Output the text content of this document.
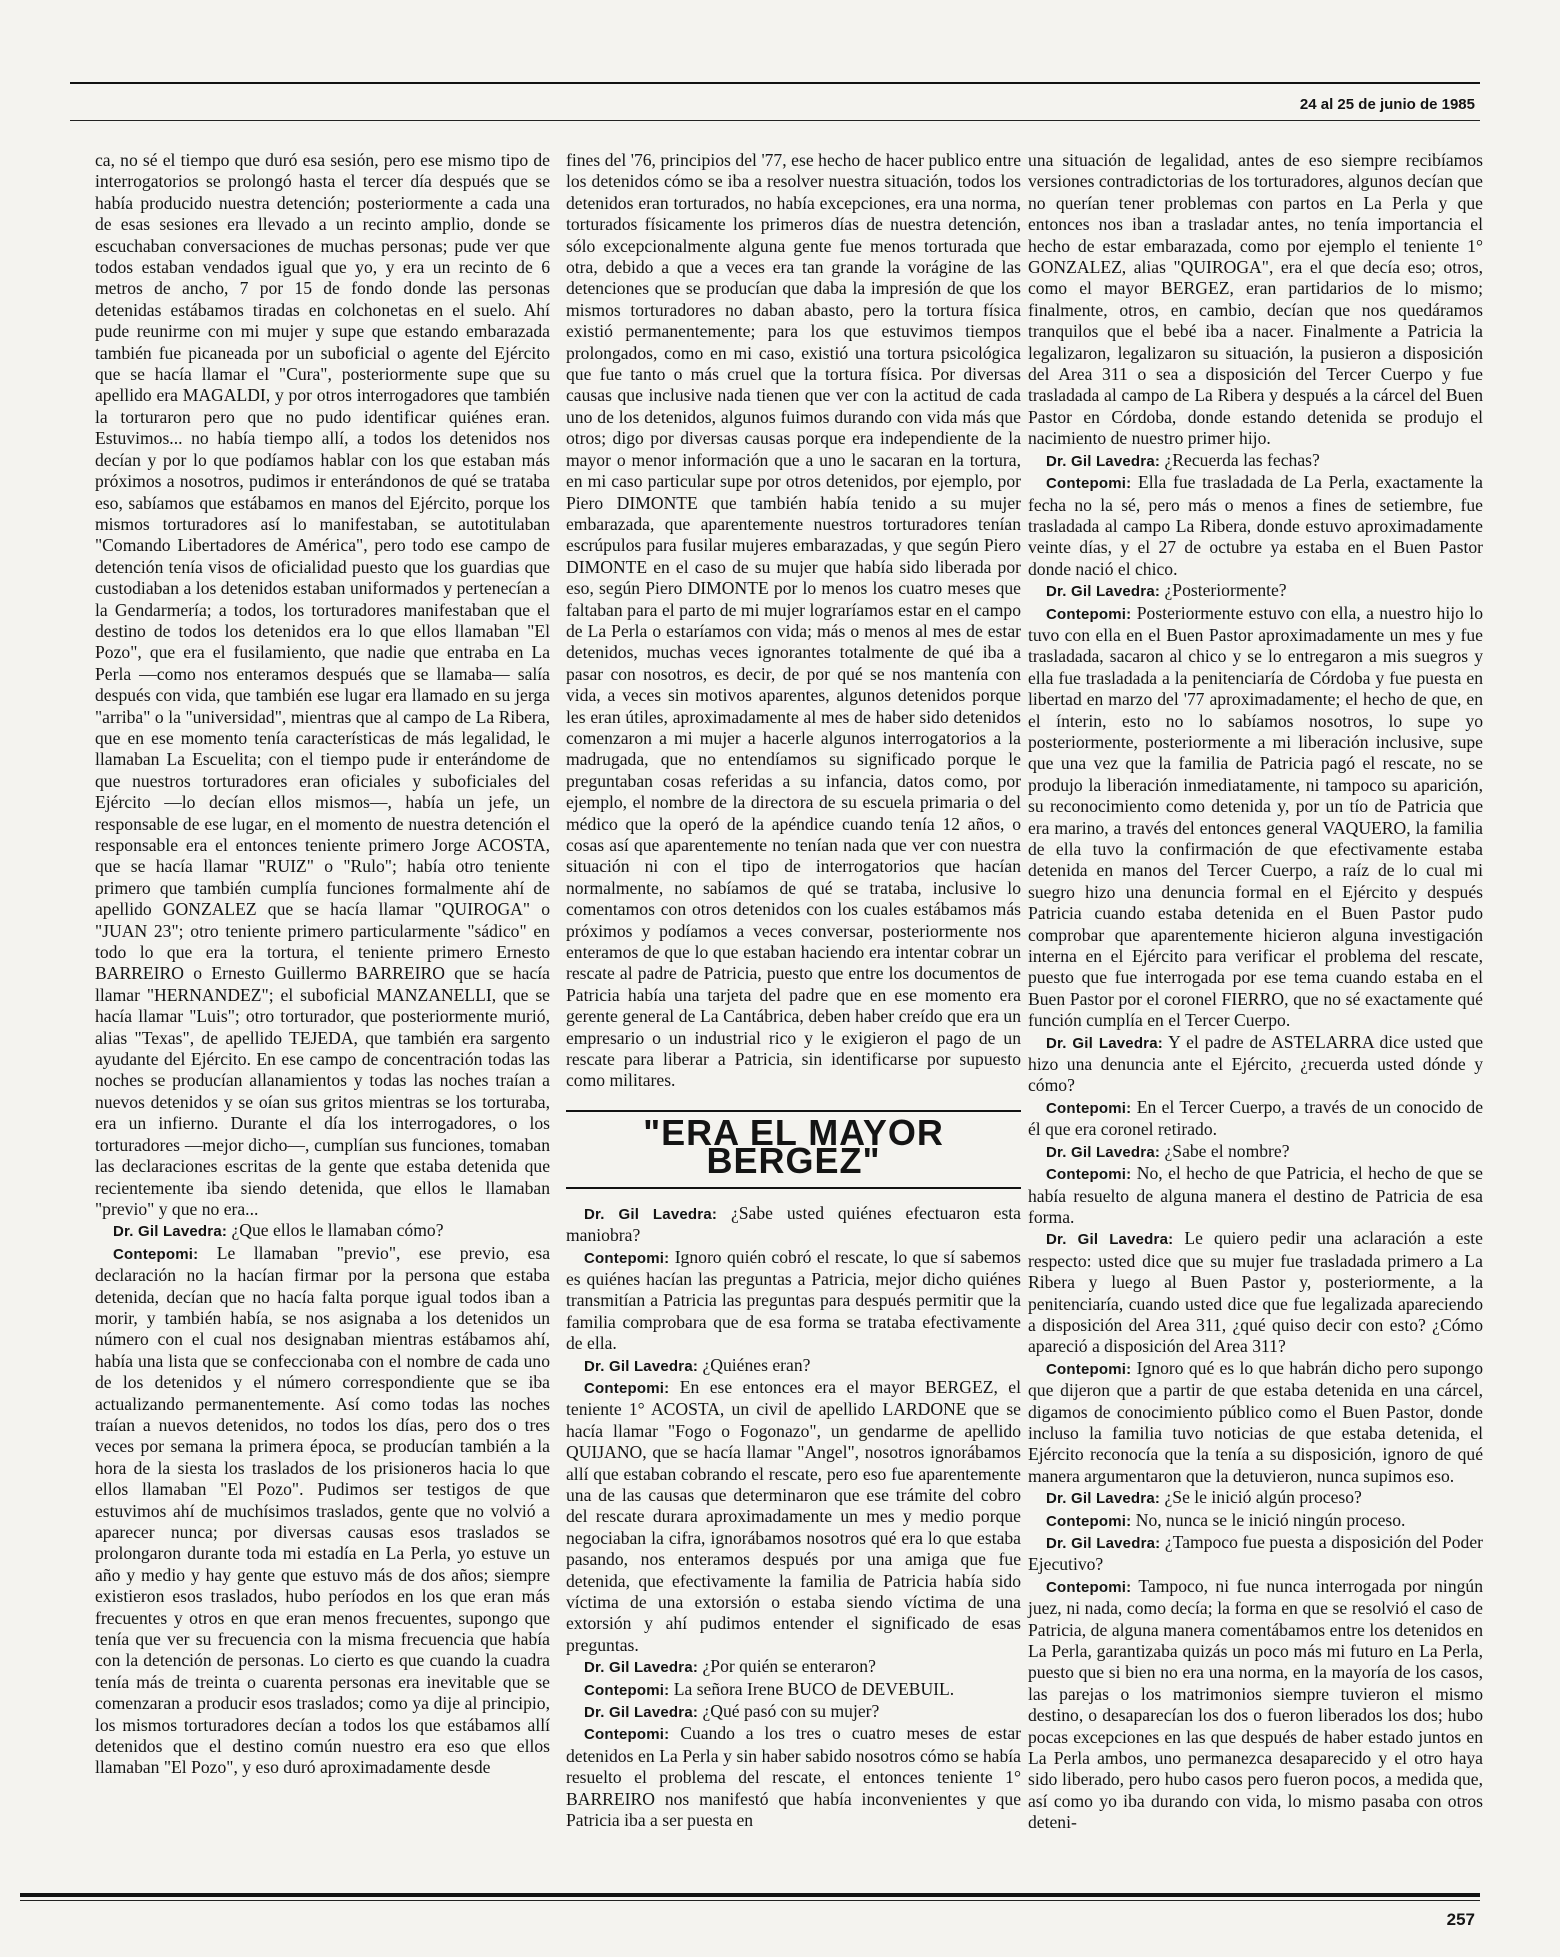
24 al 25 de junio de 1985

ca, no sé el tiempo que duró esa sesión, pero ese mismo tipo de interrogatorios se prolongó hasta el tercer día después que se había producido nuestra detención; posteriormente a cada una de esas sesiones era llevado a un recinto amplio, donde se escuchaban conversaciones de muchas personas; pude ver que todos estaban vendados igual que yo, y era un recinto de 6 metros de ancho, 7 por 15 de fondo donde las personas detenidas estábamos tiradas en colchonetas en el suelo. Ahí pude reunirme con mi mujer y supe que estando embarazada también fue picaneada por un suboficial o agente del Ejército que se hacía llamar el "Cura", posteriormente supe que su apellido era MAGALDI, y por otros interrogadores que también la torturaron pero que no pudo identificar quiénes eran. Estuvimos... no había tiempo allí, a todos los detenidos nos decían y por lo que podíamos hablar con los que estaban más próximos a nosotros, pudimos ir enterándonos de qué se trataba eso, sabíamos que estábamos en manos del Ejército, porque los mismos torturadores así lo manifestaban, se autotitulaban "Comando Libertadores de América", pero todo ese campo de detención tenía visos de oficialidad puesto que los guardias que custodiaban a los detenidos estaban uniformados y pertenecían a la Gendarmería; a todos, los torturadores manifestaban que el destino de todos los detenidos era lo que ellos llamaban "El Pozo", que era el fusilamiento, que nadie que entraba en La Perla —como nos enteramos después que se llamaba— salía después con vida, que también ese lugar era llamado en su jerga "arriba" o la "universidad", mientras que al campo de La Ribera, que en ese momento tenía características de más legalidad, le llamaban La Escuelita; con el tiempo pude ir enterándome de que nuestros torturadores eran oficiales y suboficiales del Ejército —lo decían ellos mismos—, había un jefe, un responsable de ese lugar, en el momento de nuestra detención el responsable era el entonces teniente primero Jorge ACOSTA, que se hacía llamar "RUIZ" o "Rulo"; había otro teniente primero que también cumplía funciones formalmente ahí de apellido GONZALEZ que se hacía llamar "QUIROGA" o "JUAN 23"; otro teniente primero particularmente "sádico" en todo lo que era la tortura, el teniente primero Ernesto BARREIRO o Ernesto Guillermo BARREIRO que se hacía llamar "HERNANDEZ"; el suboficial MANZANELLI, que se hacía llamar "Luis"; otro torturador, que posteriormente murió, alias "Texas", de apellido TEJEDA, que también era sargento ayudante del Ejército. En ese campo de concentración todas las noches se producían allanamientos y todas las noches traían a nuevos detenidos y se oían sus gritos mientras se los torturaba, era un infierno. Durante el día los interrogadores, o los torturadores —mejor dicho—, cumplían sus funciones, tomaban las declaraciones escritas de la gente que estaba detenida que recientemente iba siendo detenida, que ellos le llamaban "previo" y que no era...

Dr. Gil Lavedra: ¿Que ellos le llamaban cómo?

Contepomi: Le llamaban "previo", ese previo, esa declaración no la hacían firmar por la persona que estaba detenida, decían que no hacía falta porque igual todos iban a morir, y también había, se nos asignaba a los detenidos un número con el cual nos designaban mientras estábamos ahí, había una lista que se confeccionaba con el nombre de cada uno de los detenidos y el número correspondiente que se iba actualizando permanentemente. Así como todas las noches traían a nuevos detenidos, no todos los días, pero dos o tres veces por semana la primera época, se producían también a la hora de la siesta los traslados de los prisioneros hacia lo que ellos llamaban "El Pozo". Pudimos ser testigos de que estuvimos ahí de muchísimos traslados, gente que no volvió a aparecer nunca; por diversas causas esos traslados se prolongaron durante toda mi estadía en La Perla, yo estuve un año y medio y hay gente que estuvo más de dos años; siempre existieron esos traslados, hubo períodos en los que eran más frecuentes y otros en que eran menos frecuentes, supongo que tenía que ver su frecuencia con la misma frecuencia que había con la detención de personas. Lo cierto es que cuando la cuadra tenía más de treinta o cuarenta personas era inevitable que se comenzaran a producir esos traslados; como ya dije al principio, los mismos torturadores decían a todos los que estábamos allí detenidos que el destino común nuestro era eso que ellos llamaban "El Pozo", y eso duró aproximadamente desde

fines del '76, principios del '77, ese hecho de hacer publico entre los detenidos cómo se iba a resolver nuestra situación, todos los detenidos eran torturados, no había excepciones, era una norma, torturados físicamente los primeros días de nuestra detención, sólo excepcionalmente alguna gente fue menos torturada que otra, debido a que a veces era tan grande la vorágine de las detenciones que se producían que daba la impresión de que los mismos torturadores no daban abasto, pero la tortura física existió permanentemente; para los que estuvimos tiempos prolongados, como en mi caso, existió una tortura psicológica que fue tanto o más cruel que la tortura física. Por diversas causas que inclusive nada tienen que ver con la actitud de cada uno de los detenidos, algunos fuimos durando con vida más que otros; digo por diversas causas porque era independiente de la mayor o menor información que a uno le sacaran en la tortura, en mi caso particular supe por otros detenidos, por ejemplo, por Piero DIMONTE que también había tenido a su mujer embarazada, que aparentemente nuestros torturadores tenían escrúpulos para fusilar mujeres embarazadas, y que según Piero DIMONTE en el caso de su mujer que había sido liberada por eso, según Piero DIMONTE por lo menos los cuatro meses que faltaban para el parto de mi mujer lograríamos estar en el campo de La Perla o estaríamos con vida; más o menos al mes de estar detenidos, muchas veces ignorantes totalmente de qué iba a pasar con nosotros, es decir, de por qué se nos mantenía con vida, a veces sin motivos aparentes, algunos detenidos porque les eran útiles, aproximadamente al mes de haber sido detenidos comenzaron a mi mujer a hacerle algunos interrogatorios a la madrugada, que no entendíamos su significado porque le preguntaban cosas referidas a su infancia, datos como, por ejemplo, el nombre de la directora de su escuela primaria o del médico que la operó de la apéndice cuando tenía 12 años, o cosas así que aparentemente no tenían nada que ver con nuestra situación ni con el tipo de interrogatorios que hacían normalmente, no sabíamos de qué se trataba, inclusive lo comentamos con otros detenidos con los cuales estábamos más próximos y podíamos a veces conversar, posteriormente nos enteramos de que lo que estaban haciendo era intentar cobrar un rescate al padre de Patricia, puesto que entre los documentos de Patricia había una tarjeta del padre que en ese momento era gerente general de La Cantábrica, deben haber creído que era un empresario o un industrial rico y le exigieron el pago de un rescate para liberar a Patricia, sin identificarse por supuesto como militares.

"ERA EL MAYOR BERGEZ"

Dr. Gil Lavedra: ¿Sabe usted quiénes efectuaron esta maniobra?

Contepomi: Ignoro quién cobró el rescate, lo que sí sabemos es quiénes hacían las preguntas a Patricia, mejor dicho quiénes transmitían a Patricia las preguntas para después permitir que la familia comprobara que de esa forma se trataba efectivamente de ella.

Dr. Gil Lavedra: ¿Quiénes eran?

Contepomi: En ese entonces era el mayor BERGEZ, el teniente 1° ACOSTA, un civil de apellido LARDONE que se hacía llamar "Fogo o Fogonazo", un gendarme de apellido QUIJANO, que se hacía llamar "Angel", nosotros ignorábamos allí que estaban cobrando el rescate, pero eso fue aparentemente una de las causas que determinaron que ese trámite del cobro del rescate durara aproximadamente un mes y medio porque negociaban la cifra, ignorábamos nosotros qué era lo que estaba pasando, nos enteramos después por una amiga que fue detenida, que efectivamente la familia de Patricia había sido víctima de una extorsión o estaba siendo víctima de una extorsión y ahí pudimos entender el significado de esas preguntas.

Dr. Gil Lavedra: ¿Por quién se enteraron?

Contepomi: La señora Irene BUCO de DEVEBUIL.

Dr. Gil Lavedra: ¿Qué pasó con su mujer?

Contepomi: Cuando a los tres o cuatro meses de estar detenidos en La Perla y sin haber sabido nosotros cómo se había resuelto el problema del rescate, el entonces teniente 1° BARREIRO nos manifestó que había inconvenientes y que Patricia iba a ser puesta en

una situación de legalidad, antes de eso siempre recibíamos versiones contradictorias de los torturadores, algunos decían que no querían tener problemas con partos en La Perla y que entonces nos iban a trasladar antes, no tenía importancia el hecho de estar embarazada, como por ejemplo el teniente 1° GONZALEZ, alias "QUIROGA", era el que decía eso; otros, como el mayor BERGEZ, eran partidarios de lo mismo; finalmente, otros, en cambio, decían que nos quedáramos tranquilos que el bebé iba a nacer. Finalmente a Patricia la legalizaron, legalizaron su situación, la pusieron a disposición del Area 311 o sea a disposición del Tercer Cuerpo y fue trasladada al campo de La Ribera y después a la cárcel del Buen Pastor en Córdoba, donde estando detenida se produjo el nacimiento de nuestro primer hijo.

Dr. Gil Lavedra: ¿Recuerda las fechas?

Contepomi: Ella fue trasladada de La Perla, exactamente la fecha no la sé, pero más o menos a fines de setiembre, fue trasladada al campo La Ribera, donde estuvo aproximadamente veinte días, y el 27 de octubre ya estaba en el Buen Pastor donde nació el chico.

Dr. Gil Lavedra: ¿Posteriormente?

Contepomi: Posteriormente estuvo con ella, a nuestro hijo lo tuvo con ella en el Buen Pastor aproximadamente un mes y fue trasladada, sacaron al chico y se lo entregaron a mis suegros y ella fue trasladada a la penitenciaría de Córdoba y fue puesta en libertad en marzo del '77 aproximadamente; el hecho de que, en el ínterin, esto no lo sabíamos nosotros, lo supe yo posteriormente, posteriormente a mi liberación inclusive, supe que una vez que la familia de Patricia pagó el rescate, no se produjo la liberación inmediatamente, ni tampoco su aparición, su reconocimiento como detenida y, por un tío de Patricia que era marino, a través del entonces general VAQUERO, la familia de ella tuvo la confirmación de que efectivamente estaba detenida en manos del Tercer Cuerpo, a raíz de lo cual mi suegro hizo una denuncia formal en el Ejército y después Patricia cuando estaba detenida en el Buen Pastor pudo comprobar que aparentemente hicieron alguna investigación interna en el Ejército para verificar el problema del rescate, puesto que fue interrogada por ese tema cuando estaba en el Buen Pastor por el coronel FIERRO, que no sé exactamente qué función cumplía en el Tercer Cuerpo.

Dr. Gil Lavedra: Y el padre de ASTELARRA dice usted que hizo una denuncia ante el Ejército, ¿recuerda usted dónde y cómo?

Contepomi: En el Tercer Cuerpo, a través de un conocido de él que era coronel retirado.

Dr. Gil Lavedra: ¿Sabe el nombre?

Contepomi: No, el hecho de que Patricia, el hecho de que se había resuelto de alguna manera el destino de Patricia de esa forma.

Dr. Gil Lavedra: Le quiero pedir una aclaración a este respecto: usted dice que su mujer fue trasladada primero a La Ribera y luego al Buen Pastor y, posteriormente, a la penitenciaría, cuando usted dice que fue legalizada apareciendo a disposición del Area 311, ¿qué quiso decir con esto? ¿Cómo apareció a disposición del Area 311?

Contepomi: Ignoro qué es lo que habrán dicho pero supongo que dijeron que a partir de que estaba detenida en una cárcel, digamos de conocimiento público como el Buen Pastor, donde incluso la familia tuvo noticias de que estaba detenida, el Ejército reconocía que la tenía a su disposición, ignoro de qué manera argumentaron que la detuvieron, nunca supimos eso.

Dr. Gil Lavedra: ¿Se le inició algún proceso?

Contepomi: No, nunca se le inició ningún proceso.

Dr. Gil Lavedra: ¿Tampoco fue puesta a disposición del Poder Ejecutivo?

Contepomi: Tampoco, ni fue nunca interrogada por ningún juez, ni nada, como decía; la forma en que se resolvió el caso de Patricia, de alguna manera comentábamos entre los detenidos en La Perla, garantizaba quizás un poco más mi futuro en La Perla, puesto que si bien no era una norma, en la mayoría de los casos, las parejas o los matrimonios siempre tuvieron el mismo destino, o desaparecían los dos o fueron liberados los dos; hubo pocas excepciones en las que después de haber estado juntos en La Perla ambos, uno permanezca desaparecido y el otro haya sido liberado, pero hubo casos pero fueron pocos, a medida que, así como yo iba durando con vida, lo mismo pasaba con otros deteni-

257
